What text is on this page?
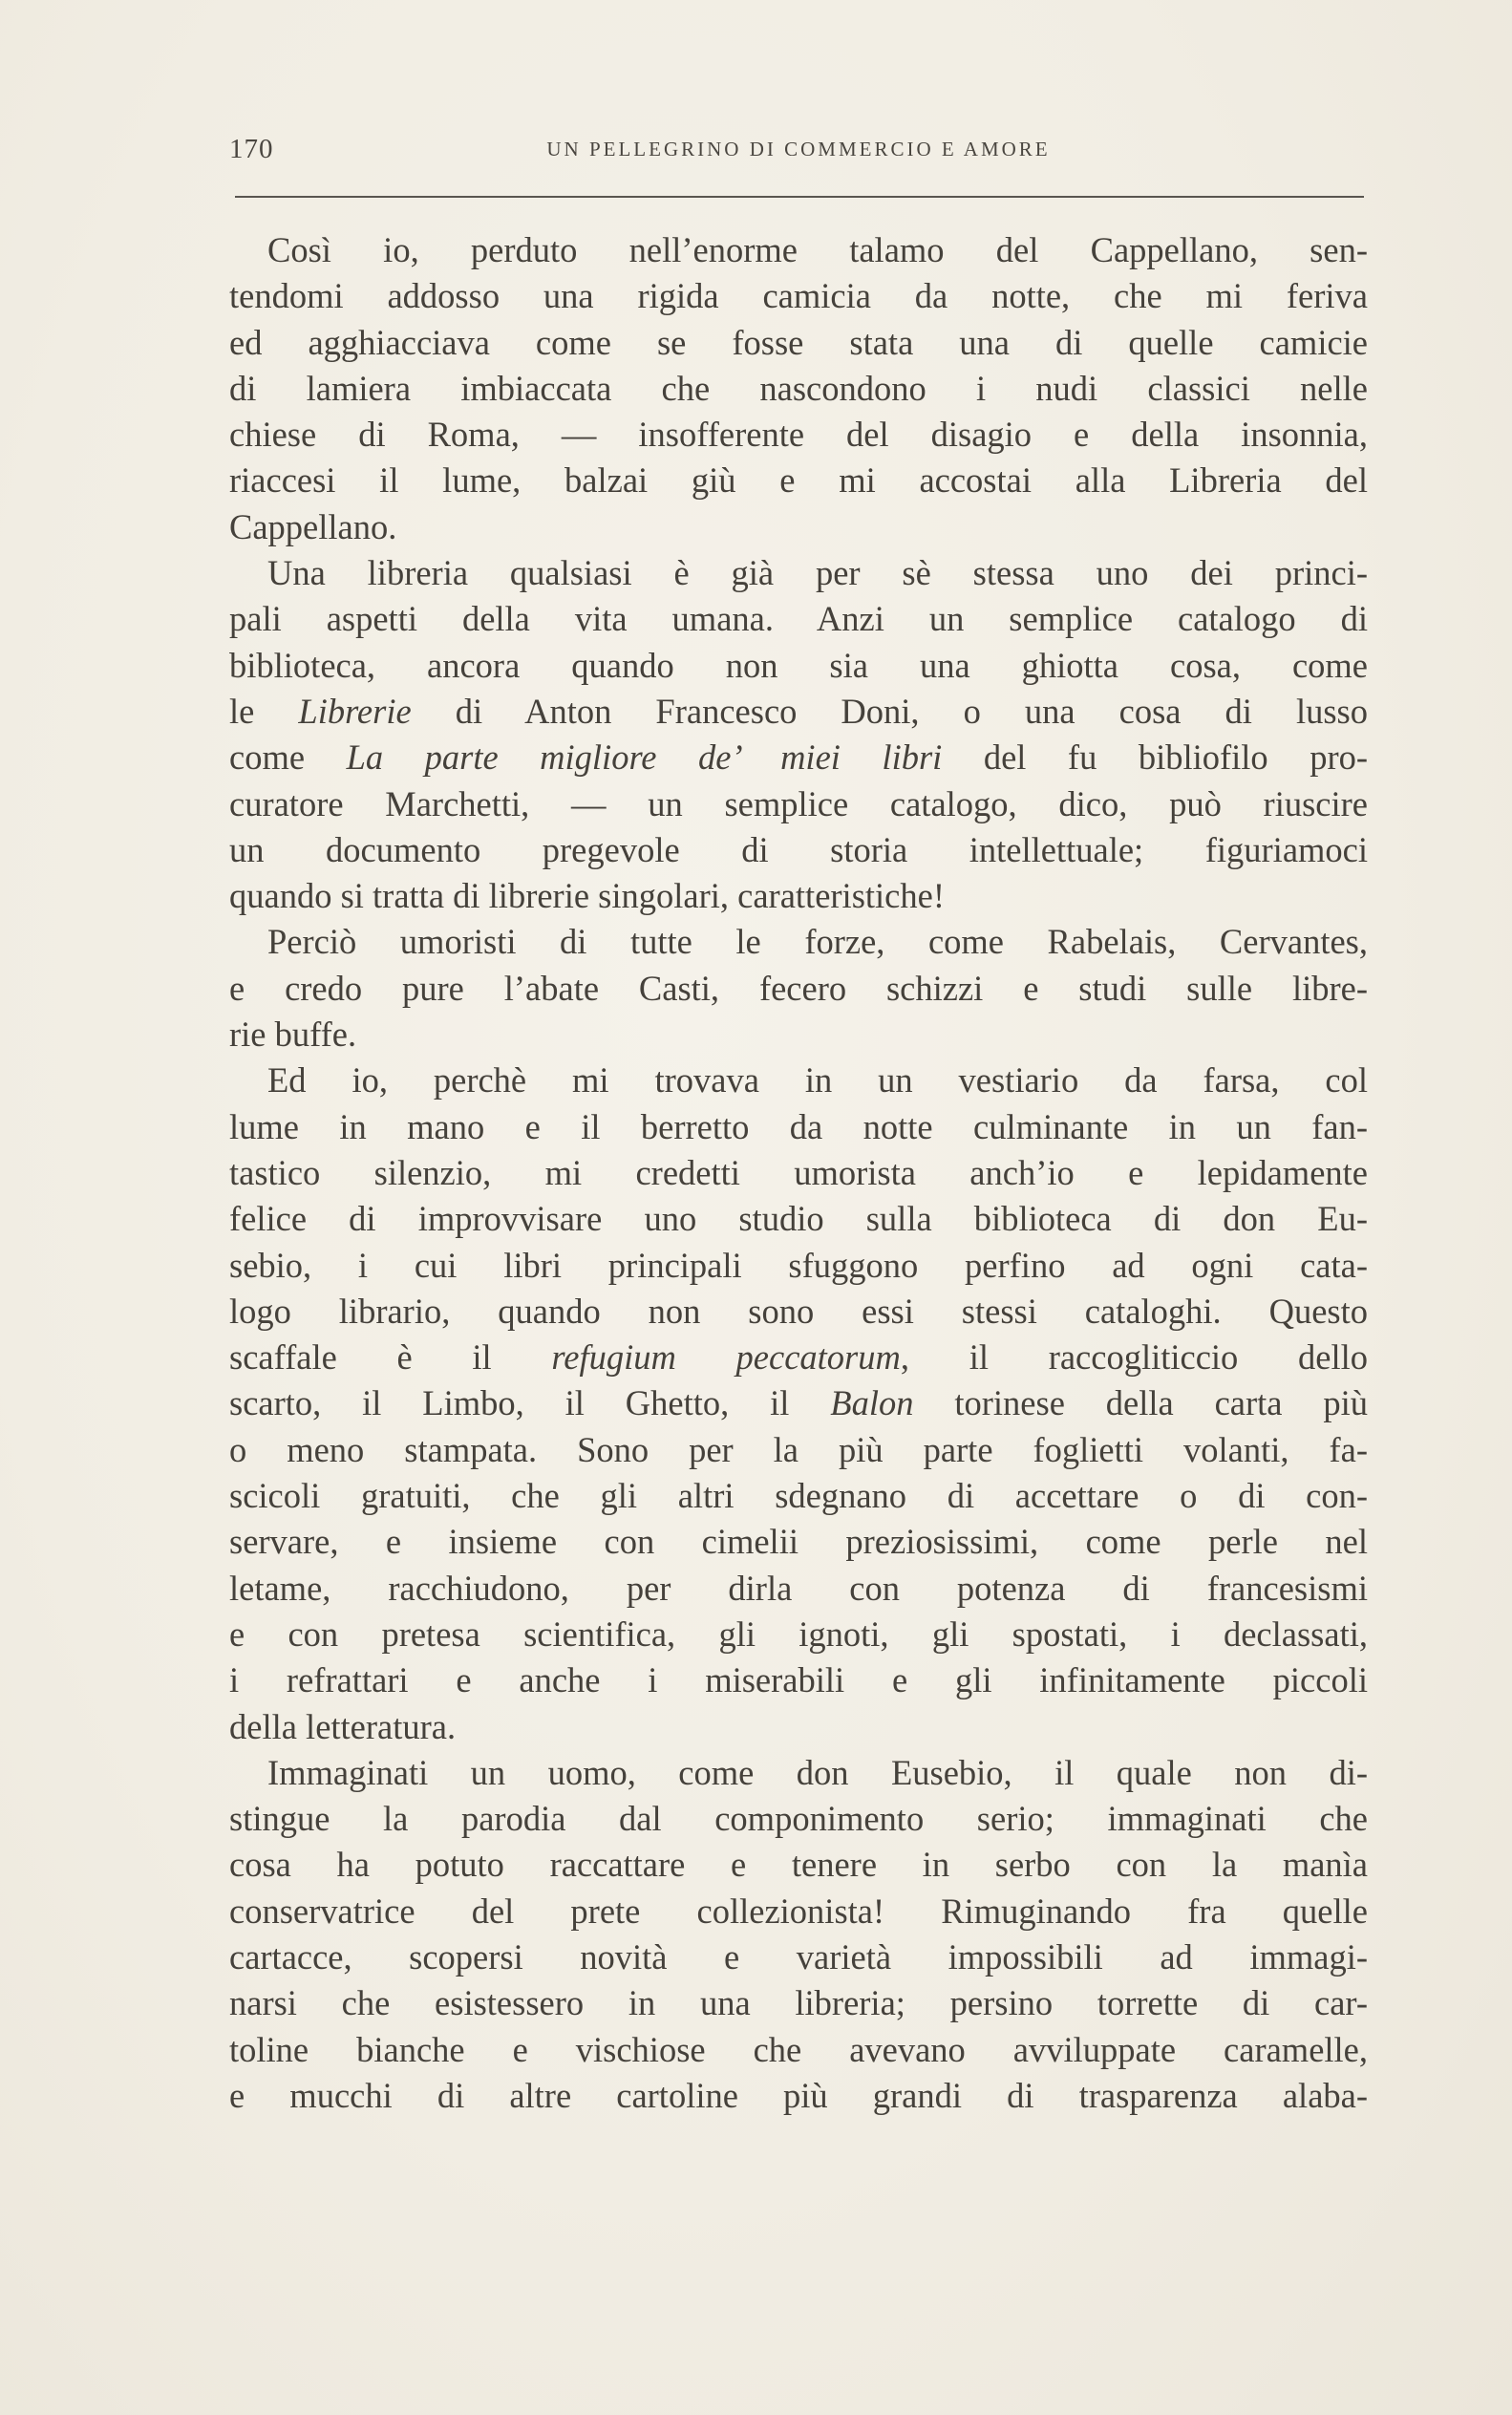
170	UN PELLEGRINO DI COMMERCIO E AMORE
Così io, perduto nell’enorme talamo del Cappellano, sen-
tendomi addosso una rigida camicia da notte, che mi feriva
ed agghiacciava come se fosse stata una di quelle camicie
di lamiera imbiaccata che nascondono i nudi classici nelle
chiese di Roma, — insofferente del disagio e della insonnia,
riaccesi il lume, balzai giù e mi accostai alla Libreria del
Cappellano.
Una libreria qualsiasi è già per sè stessa uno dei princi-
pali aspetti della vita umana. Anzi un semplice catalogo di
biblioteca, ancora quando non sia una ghiotta cosa, come
le Librerie di Anton Francesco Doni, o una cosa di lusso
come La parte migliore de’ miei libri del fu bibliofilo pro-
curatore Marchetti, — un semplice catalogo, dico, può riuscire
un documento pregevole di storia intellettuale; figuriamoci
quando si tratta di librerie singolari, caratteristiche!
Perciò umoristi di tutte le forze, come Rabelais, Cervantes,
e credo pure l’abate Casti, fecero schizzi e studi sulle libre-
rie buffe.
Ed io, perchè mi trovava in un vestiario da farsa, col
lume in mano e il berretto da notte culminante in un fan-
tastico silenzio, mi credetti umorista anch’io e lepidamente
felice di improvvisare uno studio sulla biblioteca di don Eu-
sebio, i cui libri principali sfuggono perfino ad ogni cata-
logo librario, quando non sono essi stessi cataloghi. Questo
scaffale è il refugium peccatorum, il raccogliticcio dello
scarto, il Limbo, il Ghetto, il Balon torinese della carta più
o meno stampata. Sono per la più parte foglietti volanti, fa-
scicoli gratuiti, che gli altri sdegnano di accettare o di con-
servare, e insieme con cimelii preziosissimi, come perle nel
letame, racchiudono, per dirla con potenza di francesismi
e con pretesa scientifica, gli ignoti, gli spostati, i declassati,
i refrattari e anche i miserabili e gli infinitamente piccoli
della letteratura.
Immaginati un uomo, come don Eusebio, il quale non di-
stingue la parodia dal componimento serio; immaginati che
cosa ha potuto raccattare e tenere in serbo con la manìa
conservatrice del prete collezionista! Rimuginando fra quelle
cartacce, scopersi novità e varietà impossibili ad immagi-
narsi che esistessero in una libreria; persino torrette di car-
toline bianche e vischiose che avevano avviluppate caramelle,
e mucchi di altre cartoline più grandi di trasparenza alaba-
